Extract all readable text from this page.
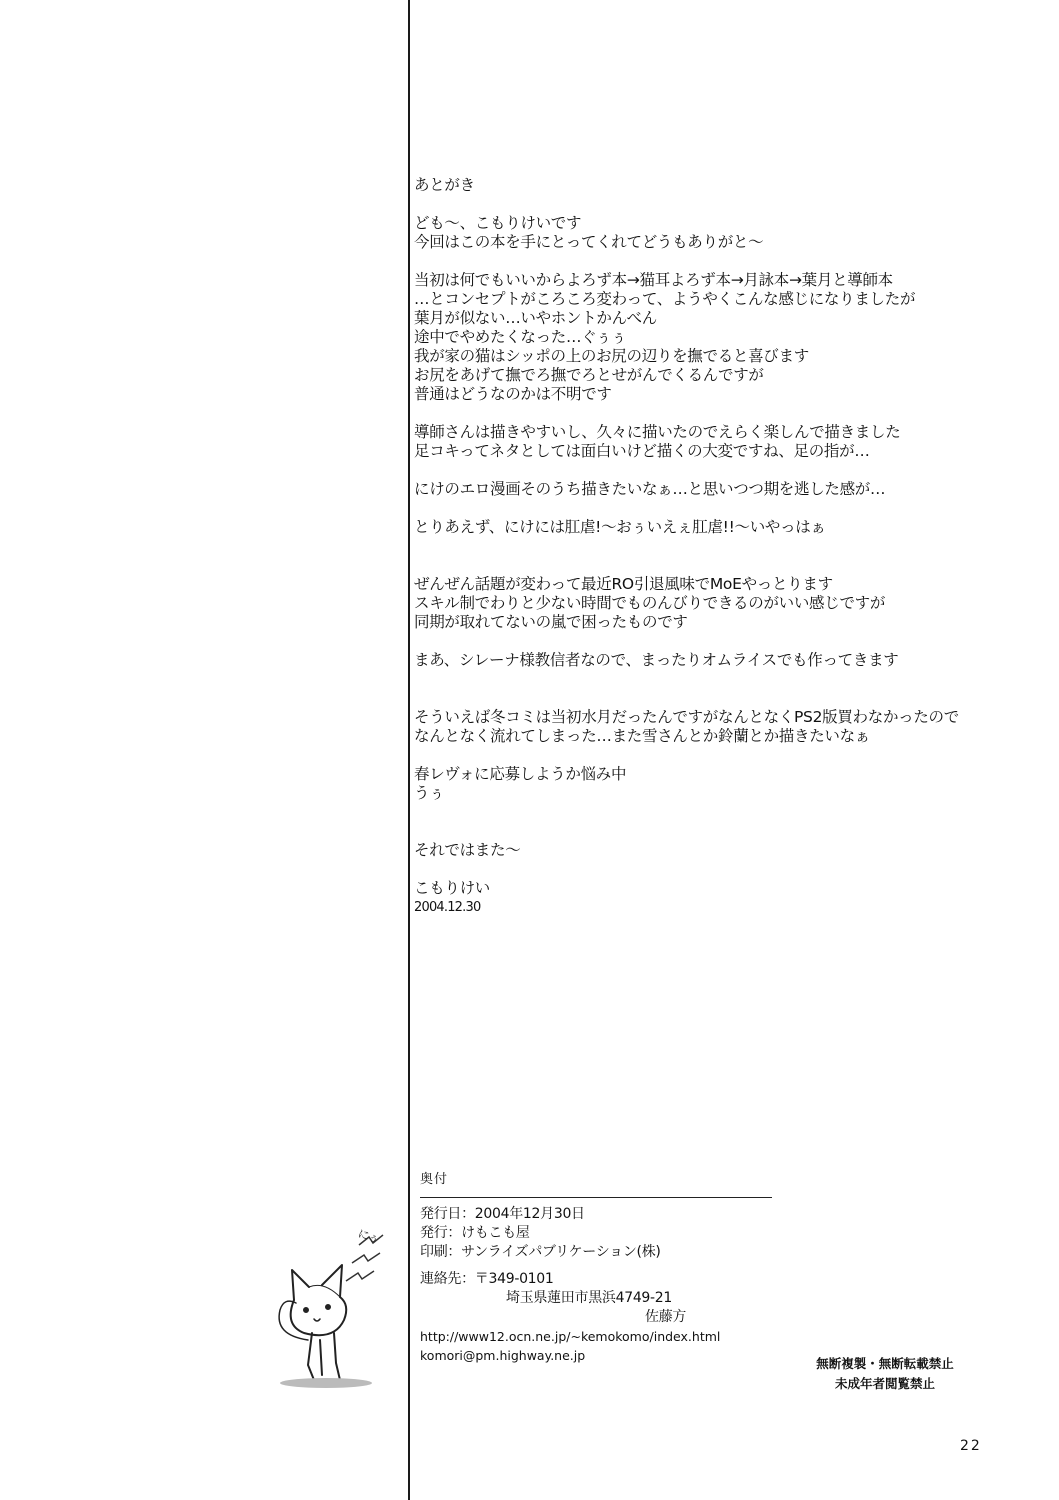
あとがき
ども～、こもりけいです
今回はこの本を手にとってくれてどうもありがと～
当初は何でもいいからよろず本→猫耳よろず本→月詠本→葉月と導師本
…とコンセプトがころころ変わって、ようやくこんな感じになりましたが
葉月が似ない…いやホントかんべん
途中でやめたくなった…ぐぅぅ
我が家の猫はシッポの上のお尻の辺りを撫でると喜びます
お尻をあげて撫でろ撫でろとせがんでくるんですが
普通はどうなのかは不明です
導師さんは描きやすいし、久々に描いたのでえらく楽しんで描きました
足コキってネタとしては面白いけど描くの大変ですね、足の指が…
にけのエロ漫画そのうち描きたいなぁ…と思いつつ期を逃した感が…
とりあえず、にけには肛虐!～おぅいえぇ肛虐!!～いやっはぁ
ぜんぜん話題が変わって最近RO引退風味でMoEやっとります
スキル制でわりと少ない時間でものんびりできるのがいい感じですが
同期が取れてないの嵐で困ったものです
まあ、シレーナ様教信者なので、まったりオムライスでも作ってきます
そういえば冬コミは当初水月だったんですがなんとなくPS2版買わなかったので
なんとなく流れてしまった…また雪さんとか鈴蘭とか描きたいなぁ
春レヴォに応募しようか悩み中
うぅ
それではまた～
こもりけい
2004.12.30
にぅ
奥付
発行日：2004年12月30日
発行：けもこも屋
印刷：サンライズパブリケーション(株)
連絡先：〒349-0101
埼玉県蓮田市黒浜4749-21
佐藤方
http://www12.ocn.ne.jp/~kemokomo/index.html
komori@pm.highway.ne.jp
無断複製・無断転載禁止
未成年者閲覧禁止
22
